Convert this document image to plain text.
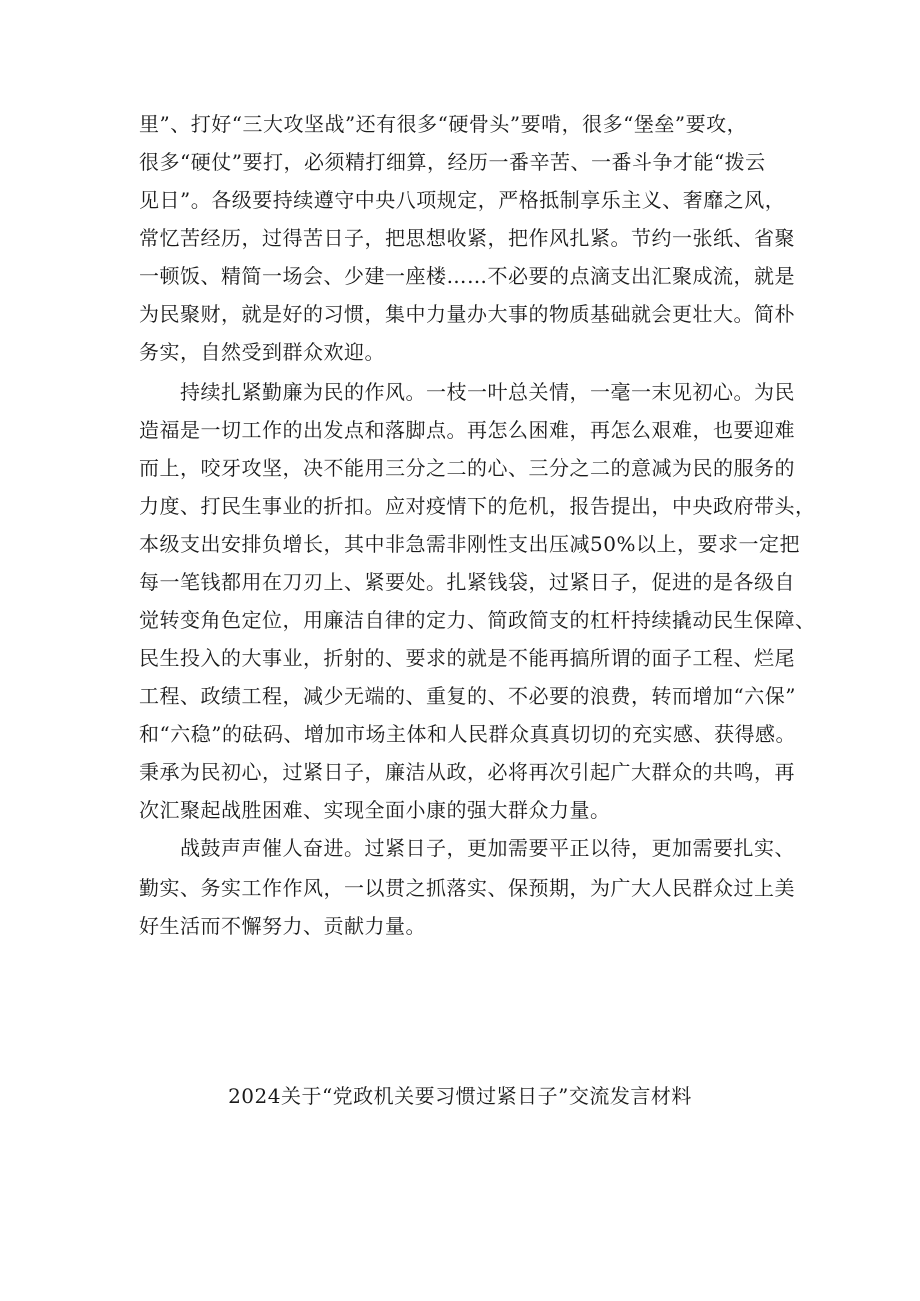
里”、打好“三大攻坚战”还有很多“硬骨头”要啃，很多“堡垒”要攻，
很多“硬仗”要打，必须精打细算，经历一番辛苦、一番斗争才能“拨云
见日”。各级要持续遵守中央八项规定，严格抵制享乐主义、奢靡之风，
常忆苦经历，过得苦日子，把思想收紧，把作风扎紧。节约一张纸、省聚
一顿饭、精简一场会、少建一座楼……不必要的点滴支出汇聚成流，就是
为民聚财，就是好的习惯，集中力量办大事的物质基础就会更壮大。简朴
务实，自然受到群众欢迎。
　　持续扎紧勤廉为民的作风。一枝一叶总关情，一毫一末见初心。为民
造福是一切工作的出发点和落脚点。再怎么困难，再怎么艰难，也要迎难
而上，咬牙攻坚，决不能用三分之二的心、三分之二的意减为民的服务的
力度、打民生事业的折扣。应对疫情下的危机，报告提出，中央政府带头，
本级支出安排负增长，其中非急需非刚性支出压减50%以上，要求一定把
每一笔钱都用在刀刃上、紧要处。扎紧钱袋，过紧日子，促进的是各级自
觉转变角色定位，用廉洁自律的定力、简政简支的杠杆持续撬动民生保障、
民生投入的大事业，折射的、要求的就是不能再搞所谓的面子工程、烂尾
工程、政绩工程，减少无端的、重复的、不必要的浪费，转而增加“六保”
和“六稳”的砝码、增加市场主体和人民群众真真切切的充实感、获得感。
秉承为民初心，过紧日子，廉洁从政，必将再次引起广大群众的共鸣，再
次汇聚起战胜困难、实现全面小康的强大群众力量。
　　战鼓声声催人奋进。过紧日子，更加需要平正以待，更加需要扎实、
勤实、务实工作作风，一以贯之抓落实、保预期，为广大人民群众过上美
好生活而不懈努力、贡献力量。
2024关于“党政机关要习惯过紧日子”交流发言材料
